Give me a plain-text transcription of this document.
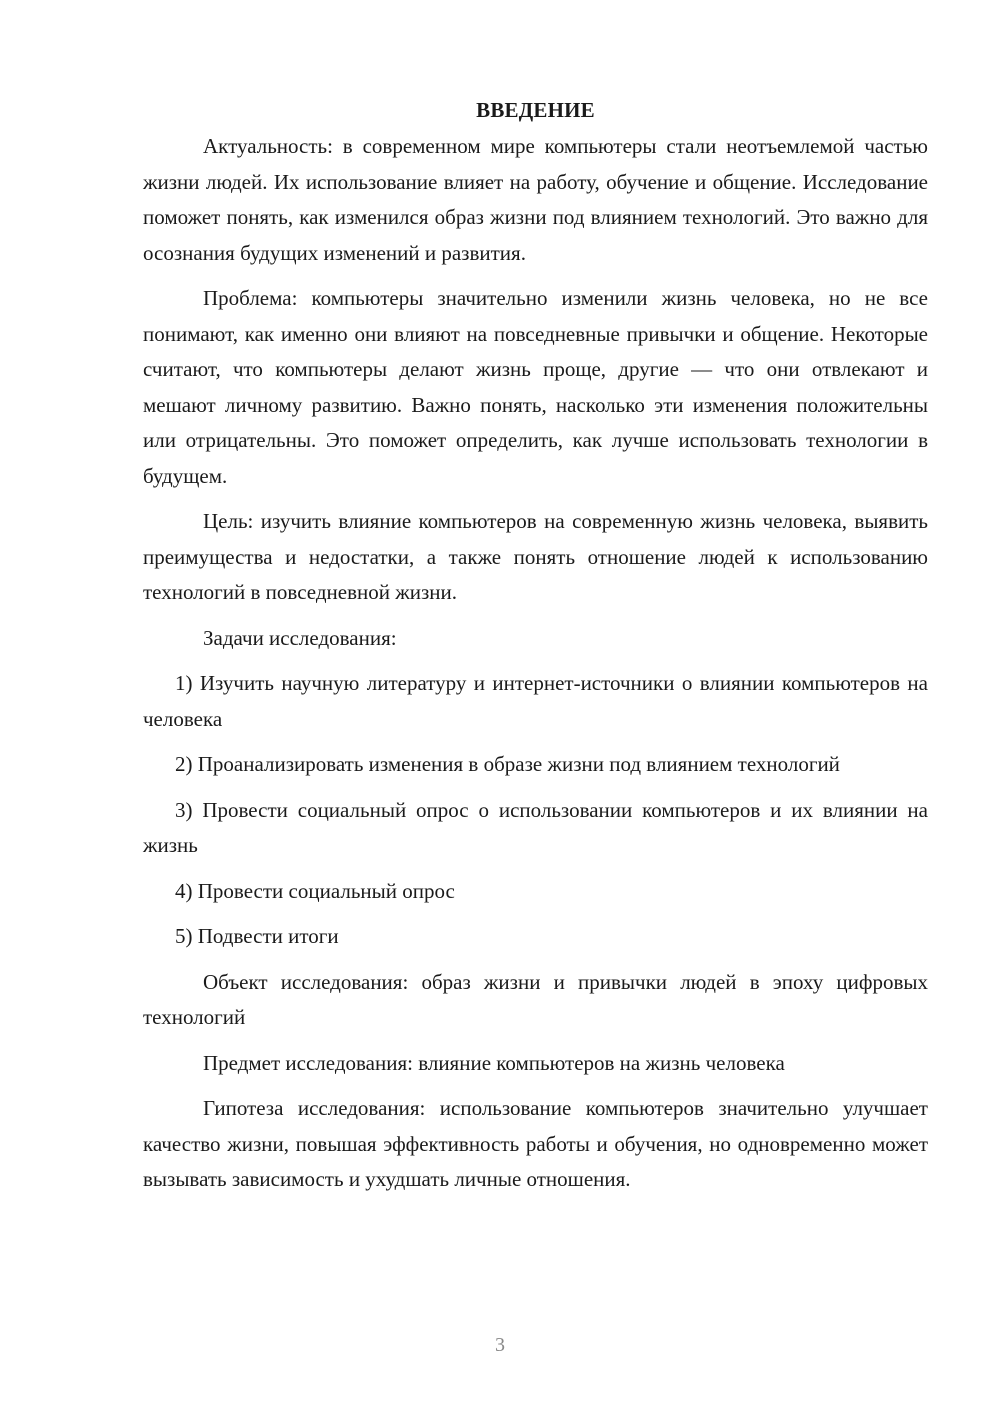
ВВЕДЕНИЕ

Актуальность: в современном мире компьютеры стали неотъемлемой частью жизни людей. Их использование влияет на работу, обучение и общение. Исследование поможет понять, как изменился образ жизни под влиянием технологий. Это важно для осознания будущих изменений и развития.

Проблема: компьютеры значительно изменили жизнь человека, но не все понимают, как именно они влияют на повседневные привычки и общение. Некоторые считают, что компьютеры делают жизнь проще, другие — что они отвлекают и мешают личному развитию. Важно понять, насколько эти изменения положительны или отрицательны. Это поможет определить, как лучше использовать технологии в будущем.

Цель: изучить влияние компьютеров на современную жизнь человека, выявить преимущества и недостатки, а также понять отношение людей к использованию технологий в повседневной жизни.

Задачи исследования:

1) Изучить научную литературу и интернет-источники о влиянии компьютеров на человека

2) Проанализировать изменения в образе жизни под влиянием технологий

3) Провести социальный опрос о использовании компьютеров и их влиянии на жизнь

4) Провести социальный опрос

5) Подвести итоги

Объект исследования: образ жизни и привычки людей в эпоху цифровых технологий

Предмет исследования: влияние компьютеров на жизнь человека

Гипотеза исследования: использование компьютеров значительно улучшает качество жизни, повышая эффективность работы и обучения, но одновременно может вызывать зависимость и ухудшать личные отношения.

3
